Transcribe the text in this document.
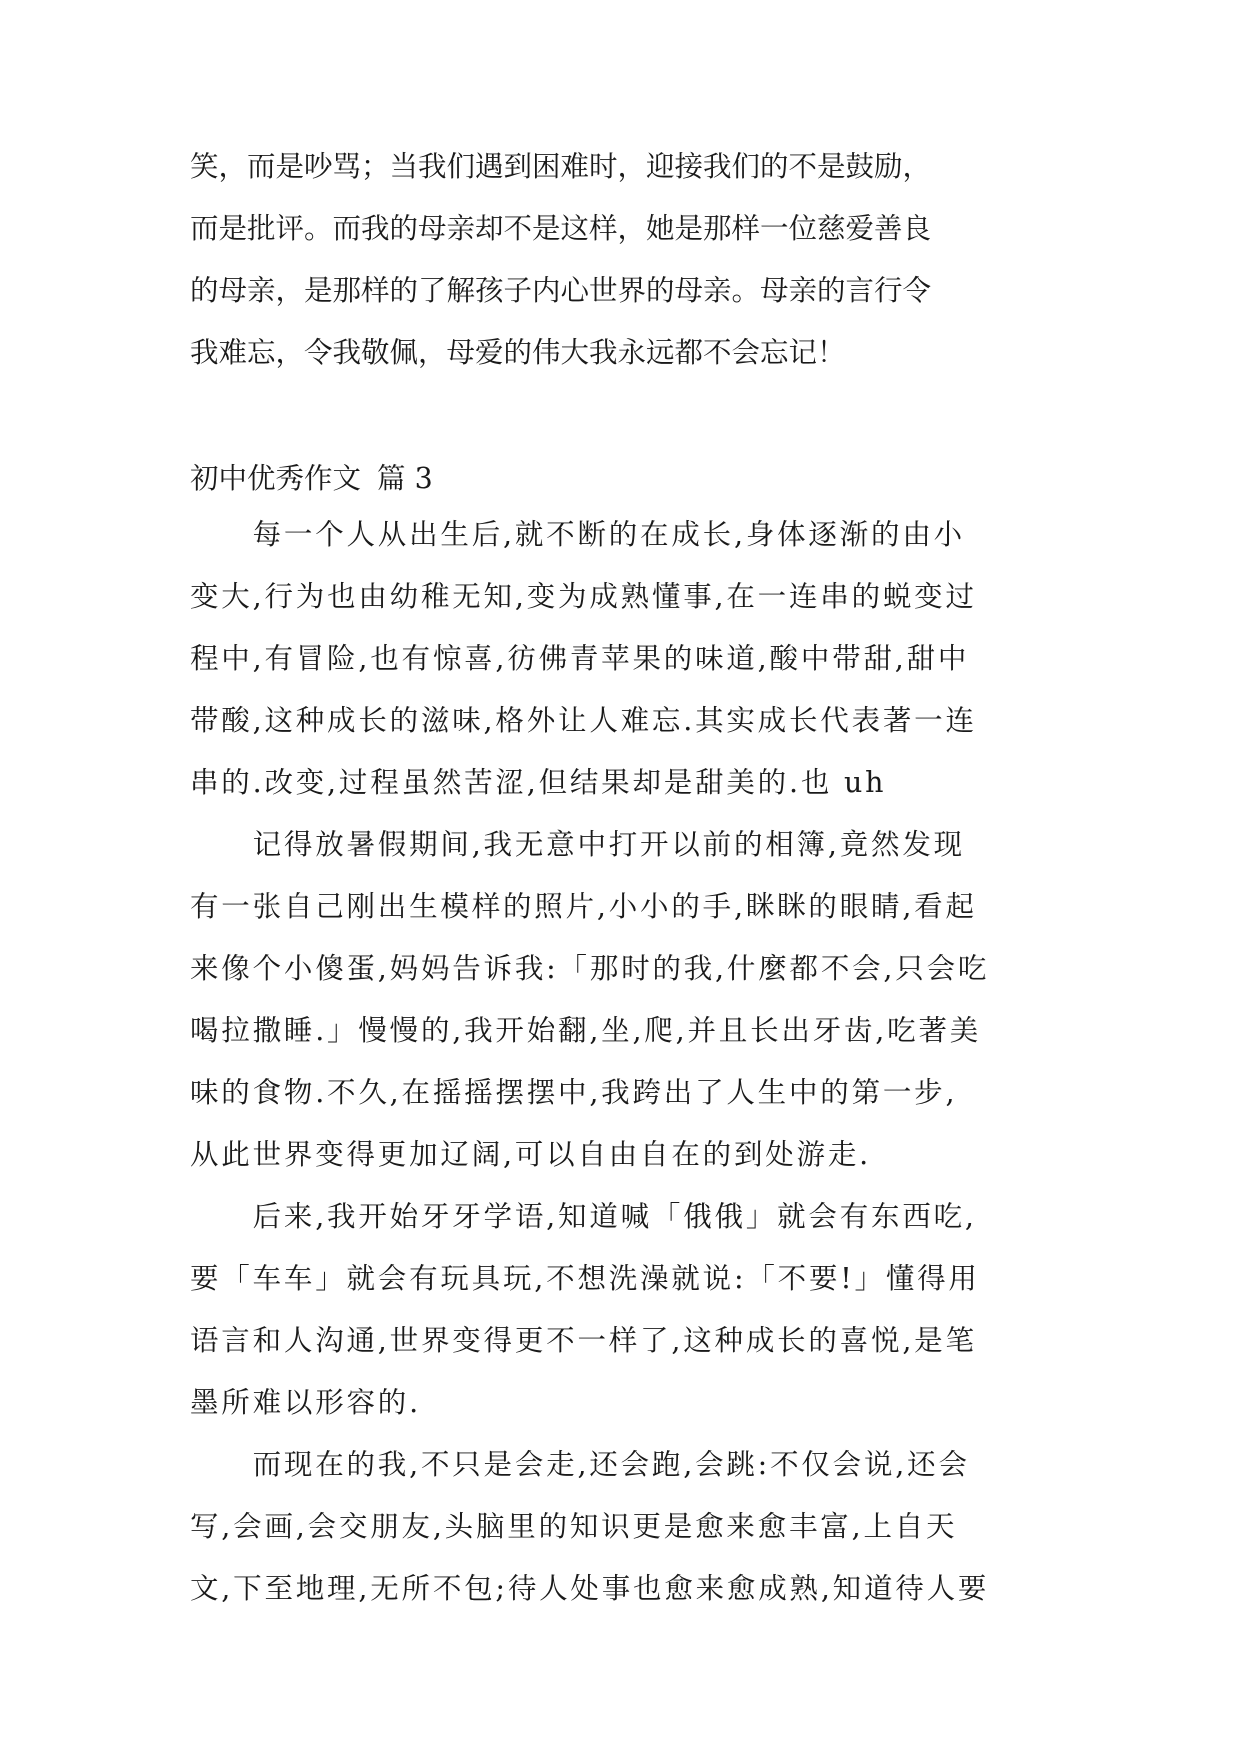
笑，而是吵骂；当我们遇到困难时，迎接我们的不是鼓励，
而是批评。而我的母亲却不是这样，她是那样一位慈爱善良
的母亲，是那样的了解孩子内心世界的母亲。母亲的言行令
我难忘，令我敬佩，母爱的伟大我永远都不会忘记！
初中优秀作文 篇 3
　　每一个人从出生后,就不断的在成长,身体逐渐的由小
变大,行为也由幼稚无知,变为成熟懂事,在一连串的蜕变过
程中,有冒险,也有惊喜,彷佛青苹果的味道,酸中带甜,甜中
带酸,这种成长的滋味,格外让人难忘.其实成长代表著一连
串的.改变,过程虽然苦涩,但结果却是甜美的.也 uh
　　记得放暑假期间,我无意中打开以前的相簿,竟然发现
有一张自己刚出生模样的照片,小小的手,眯眯的眼睛,看起
来像个小傻蛋,妈妈告诉我:「那时的我,什麼都不会,只会吃
喝拉撒睡.」慢慢的,我开始翻,坐,爬,并且长出牙齿,吃著美
味的食物.不久,在摇摇摆摆中,我跨出了人生中的第一步,
从此世界变得更加辽阔,可以自由自在的到处游走.
　　后来,我开始牙牙学语,知道喊「俄俄」就会有东西吃,
要「车车」就会有玩具玩,不想洗澡就说:「不要!」懂得用
语言和人沟通,世界变得更不一样了,这种成长的喜悦,是笔
墨所难以形容的.
　　而现在的我,不只是会走,还会跑,会跳:不仅会说,还会
写,会画,会交朋友,头脑里的知识更是愈来愈丰富,上自天
文,下至地理,无所不包;待人处事也愈来愈成熟,知道待人要
